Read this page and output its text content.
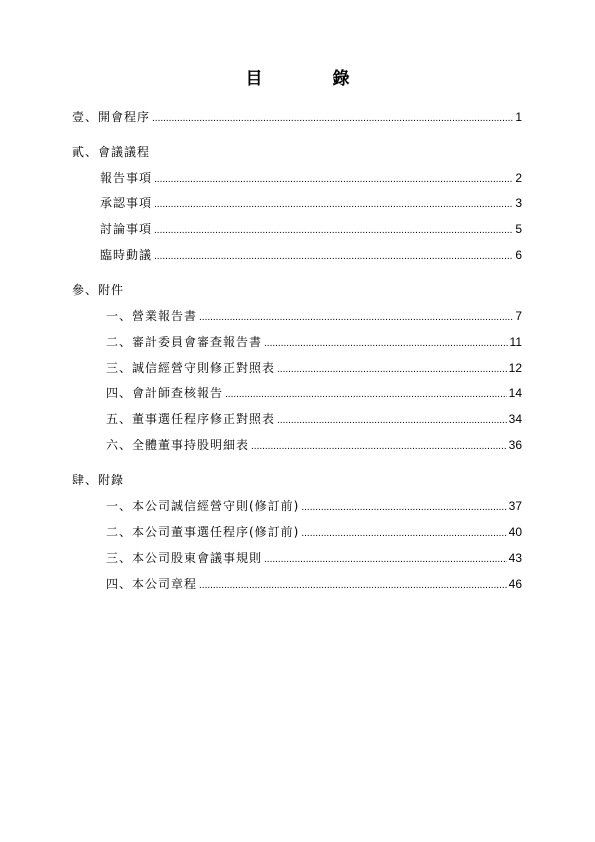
目	錄
壹、開會程序 .....	1
貳、會議議程
報告事項 .....	2
承認事項 .....	3
討論事項 .....	5
臨時動議 .....	6
參、附件
一、營業報告書 .....	7
二、審計委員會審查報告書 .....	11
三、誠信經營守則修正對照表 .....	12
四、會計師查核報告 .....	14
五、董事選任程序修正對照表 .....	34
六、全體董事持股明細表 .....	36
肆、附錄
一、本公司誠信經營守則(修訂前) .....	37
二、本公司董事選任程序(修訂前) .....	40
三、本公司股東會議事規則 .....	43
四、本公司章程 .....	46
